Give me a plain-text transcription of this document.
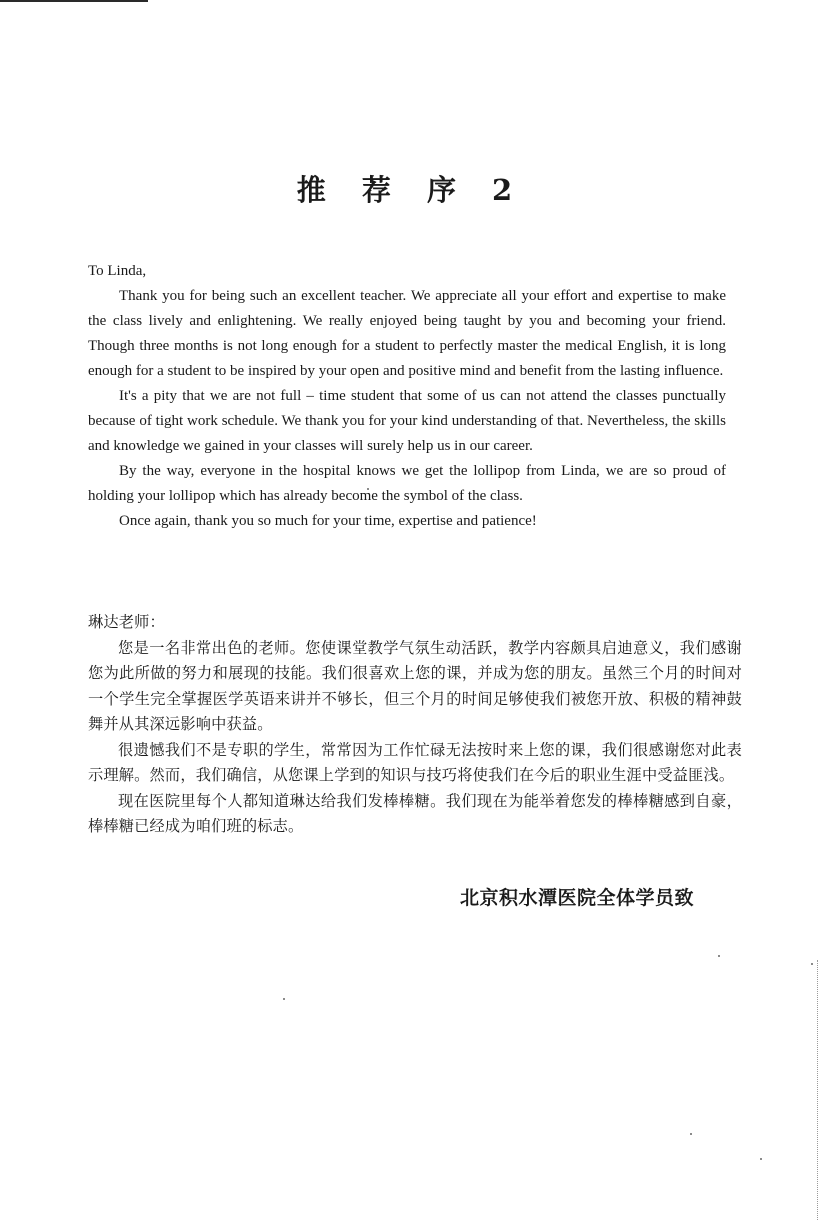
推 荐 序 2

To Linda,

Thank you for being such an excellent teacher. We appreciate all your effort and expertise to make the class lively and enlightening. We really enjoyed being taught by you and becoming your friend. Though three months is not long enough for a student to perfectly master the medical English, it is long enough for a student to be inspired by your open and positive mind and benefit from the lasting influence.

It's a pity that we are not full – time student that some of us can not attend the classes punctually because of tight work schedule. We thank you for your kind understanding of that. Nevertheless, the skills and knowledge we gained in your classes will surely help us in our career.

By the way, everyone in the hospital knows we get the lollipop from Linda, we are so proud of holding your lollipop which has already become the symbol of the class.

Once again, thank you so much for your time, expertise and patience!

琳达老师：

您是一名非常出色的老师。您使课堂教学气氛生动活跃，教学内容颇具启迪意义，我们感谢您为此所做的努力和展现的技能。我们很喜欢上您的课，并成为您的朋友。虽然三个月的时间对一个学生完全掌握医学英语来讲并不够长，但三个月的时间足够使我们被您开放、积极的精神鼓舞并从其深远影响中获益。

很遗憾我们不是专职的学生，常常因为工作忙碌无法按时来上您的课，我们很感谢您对此表示理解。然而，我们确信，从您课上学到的知识与技巧将使我们在今后的职业生涯中受益匪浅。

现在医院里每个人都知道琳达给我们发棒棒糖。我们现在为能举着您发的棒棒糖感到自豪，棒棒糖已经成为咱们班的标志。

北京积水潭医院全体学员致
